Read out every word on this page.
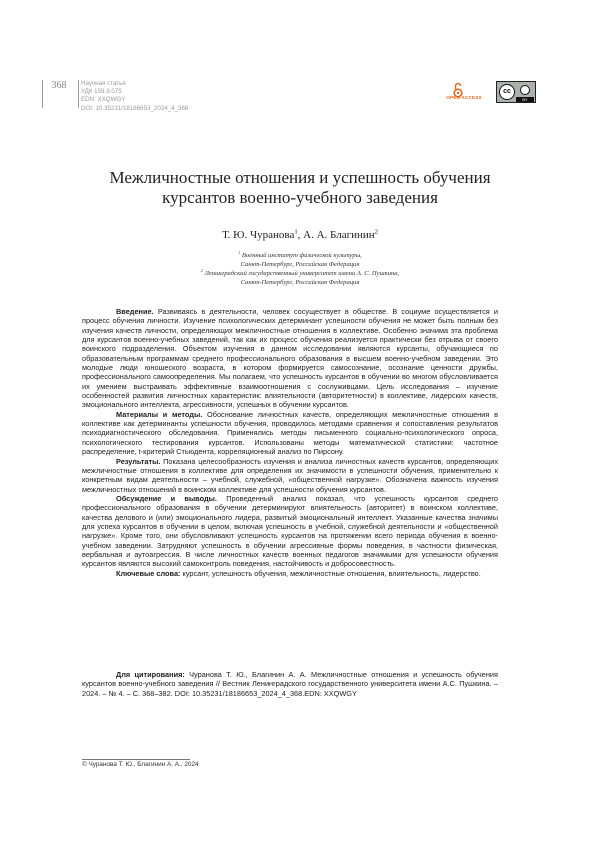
368	Научная статья
УДК 159.9.075
EDN: XXQWGY
DOI: 10.35231/18186653_2024_4_368
OPEN ACCESS
cc
BY
Межличностные отношения и успешность обучения
курсантов военно-учебного заведения
Т. Ю. Чуранова$^1$, А. А. Благинин$^2$
$^1$ Военный институт физической культуры,
Санкт-Петербург, Российская Федерация
$^2$ Ленинградский государственный университет имени А. С. Пушкина,
Санкт-Петербург, Российская Федерация

Введение. Развиваясь в деятельности, человек сосуществует в обществе. В социуме осуществляется и процесс обучения личности. Изучение психологических детерминант успешности обучения не может быть полным без изучения качеств личности, определяющих межличностные отношения в коллективе. Особенно значима эта проблема для курсантов военно-учебных заведений, так как их процесс обучения реализуется практически без отрыва от своего воинского подразделения. Объектом изучения в данном исследовании являются курсанты, обучающиеся по образовательным программам среднего профессионального образования в высшем военно-учебном заведении. Это молодые люди юношеского возраста, в котором формируется самосознание, осознание ценности дружбы, профессионального самоопределения. Мы полагаем, что успешность курсантов в обучении во многом обусловливается их умением выстраивать эффективные взаимоотношения с сослуживцами. Цель исследования – изучение особенностей развития личностных характеристик: влиятельности (авторитетности) в коллективе, лидерских качеств, эмоционального интеллекта, агрессивности, успешных в обучении курсантов.

Материалы и методы. Обоснование личностных качеств, определяющих межличностные отношения в коллективе как детерминанты успешности обучения, проводилось методами сравнения и сопоставления результатов психодиагностического обследования. Применялись методы письменного социально-психологического опроса, психологического тестирования курсантов. Использованы методы математической статистики: частотное распределение, t-критерий Стьюдента, корреляционный анализ по Пирсону.

Результаты. Показана целесообразность изучения и анализа личностных качеств курсантов, определяющих межличностные отношения в коллективе для определения их значимости в успешности обучения, применительно к конкретным видам деятельности – учебной, служебной, «общественной нагрузке». Обозначена важность изучения межличностных отношений в воинском коллективе для успешности обучения курсантов.

Обсуждение и выводы. Проведенный анализ показал, что успешность курсантов среднего профессионального образования в обучении детерминируют влиятельность (авторитет) в воинском коллективе, качества делового и (или) эмоционального лидера, развитый эмоциональный интеллект. Указанные качества значимы для успеха курсантов в обучении в целом, включая успешность в учебной, служебной деятельности и «общественной нагрузке». Кроме того, они обусловливают успешность курсантов на протяжении всего периода обучения в военно-учебном заведении. Затрудняют успешность в обучении агрессивные формы поведения, в частности физическая, вербальная и аутоагрессия. В числе личностных качеств военных педагогов значимыми для успешности обучения курсантов являются высокий самоконтроль поведения, настойчивость и добросовестность.

Ключевые слова: курсант, успешность обучения, межличностные отношения, влиятельность, лидерство.

Для цитирования: Чуранова Т. Ю., Благинин А. А. Межличностные отношения и успешность обучения курсантов военно-учебного заведения // Вестник Ленинградского государственного университета имени А.С. Пушкина. – 2024. – № 4. – С. 368–382. DOI: 10.35231/18186653_2024_4_368.EDN: XXQWGY

© Чуранова Т. Ю., Благинин А. А., 2024
